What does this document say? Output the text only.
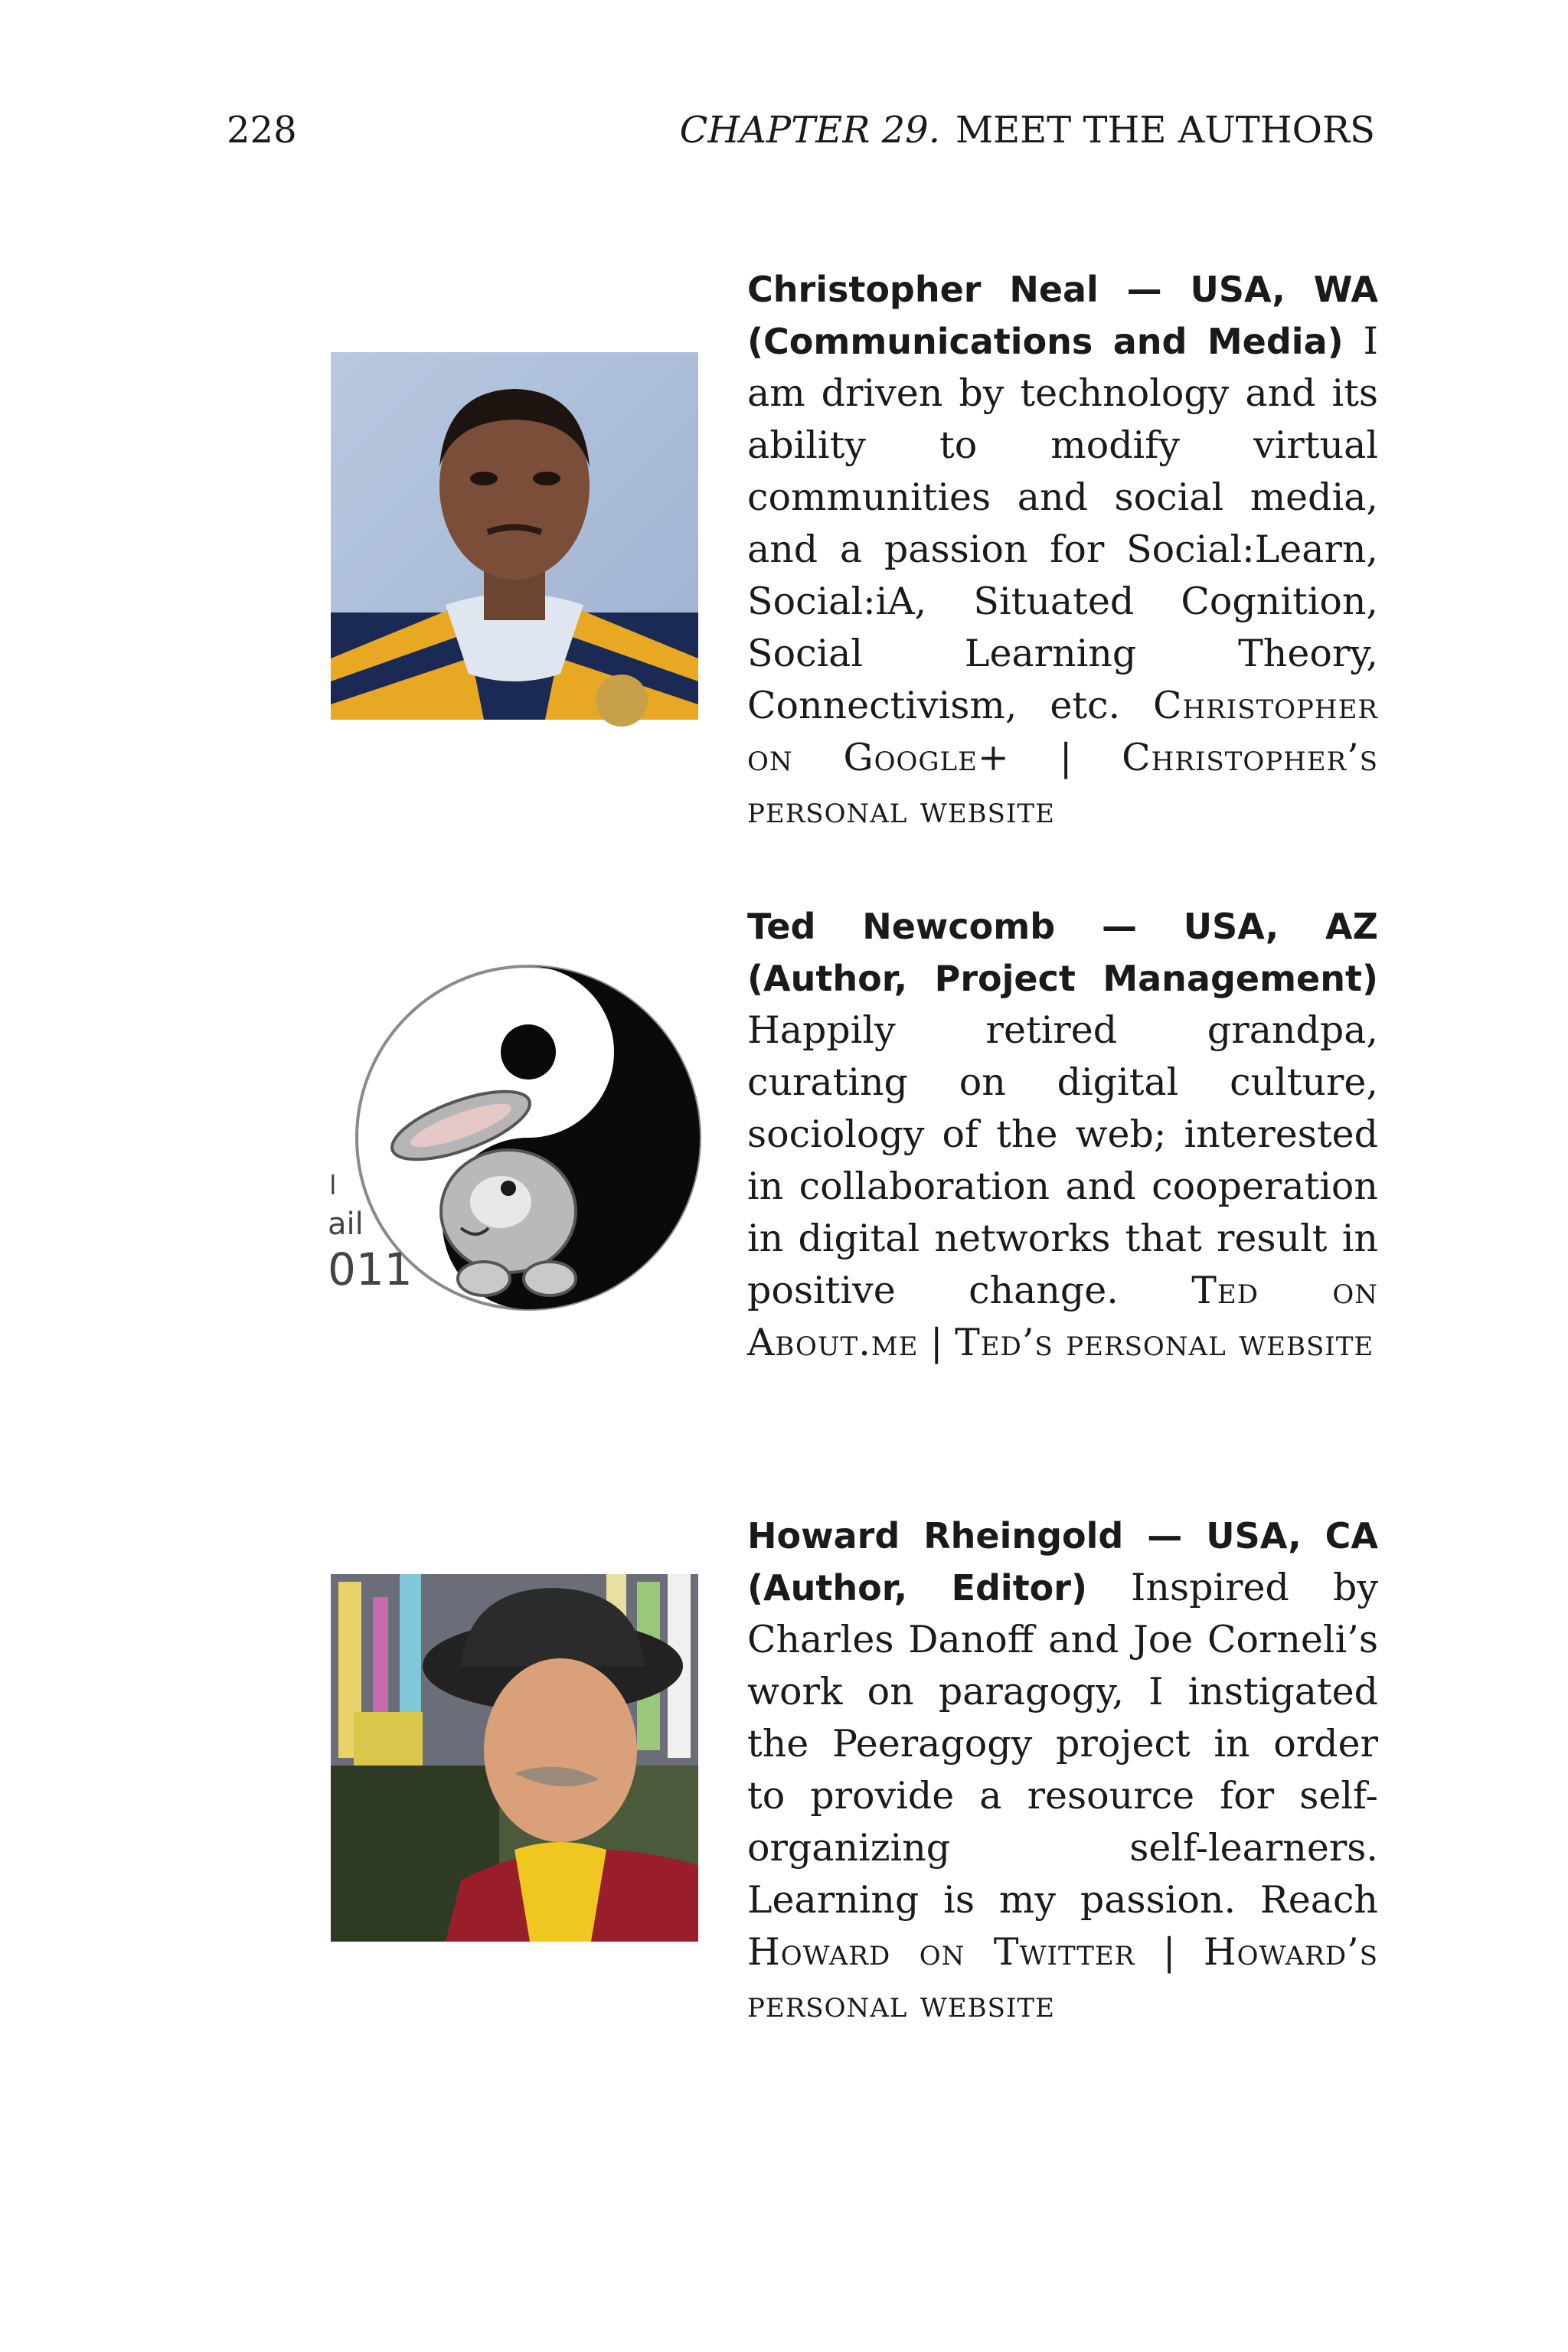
228	CHAPTER 29. MEET THE AUTHORS
Christopher Neal — USA, WA (Communications and Media) I am driven by technology and its ability to modify virtual communities and social media, and a passion for Social:Learn, Social:iA, Situated Cognition, Social Learning Theory, Connectivism, etc. Christopher on Google+ | Christopher’s personal website
l
ail
011
Ted Newcomb — USA, AZ (Author, Project Management) Happily retired grandpa, curating on digital culture, sociology of the web; interested in collaboration and cooperation in digital networks that result in positive change. Ted on About.me | Ted’s personal website
Howard Rheingold — USA, CA (Author, Editor) Inspired by Charles Danoff and Joe Corneli’s work on paragogy, I instigated the Peeragogy project in order to provide a resource for self-organizing self-learners. Learning is my passion. Reach Howard on Twitter | Howard’s personal website
